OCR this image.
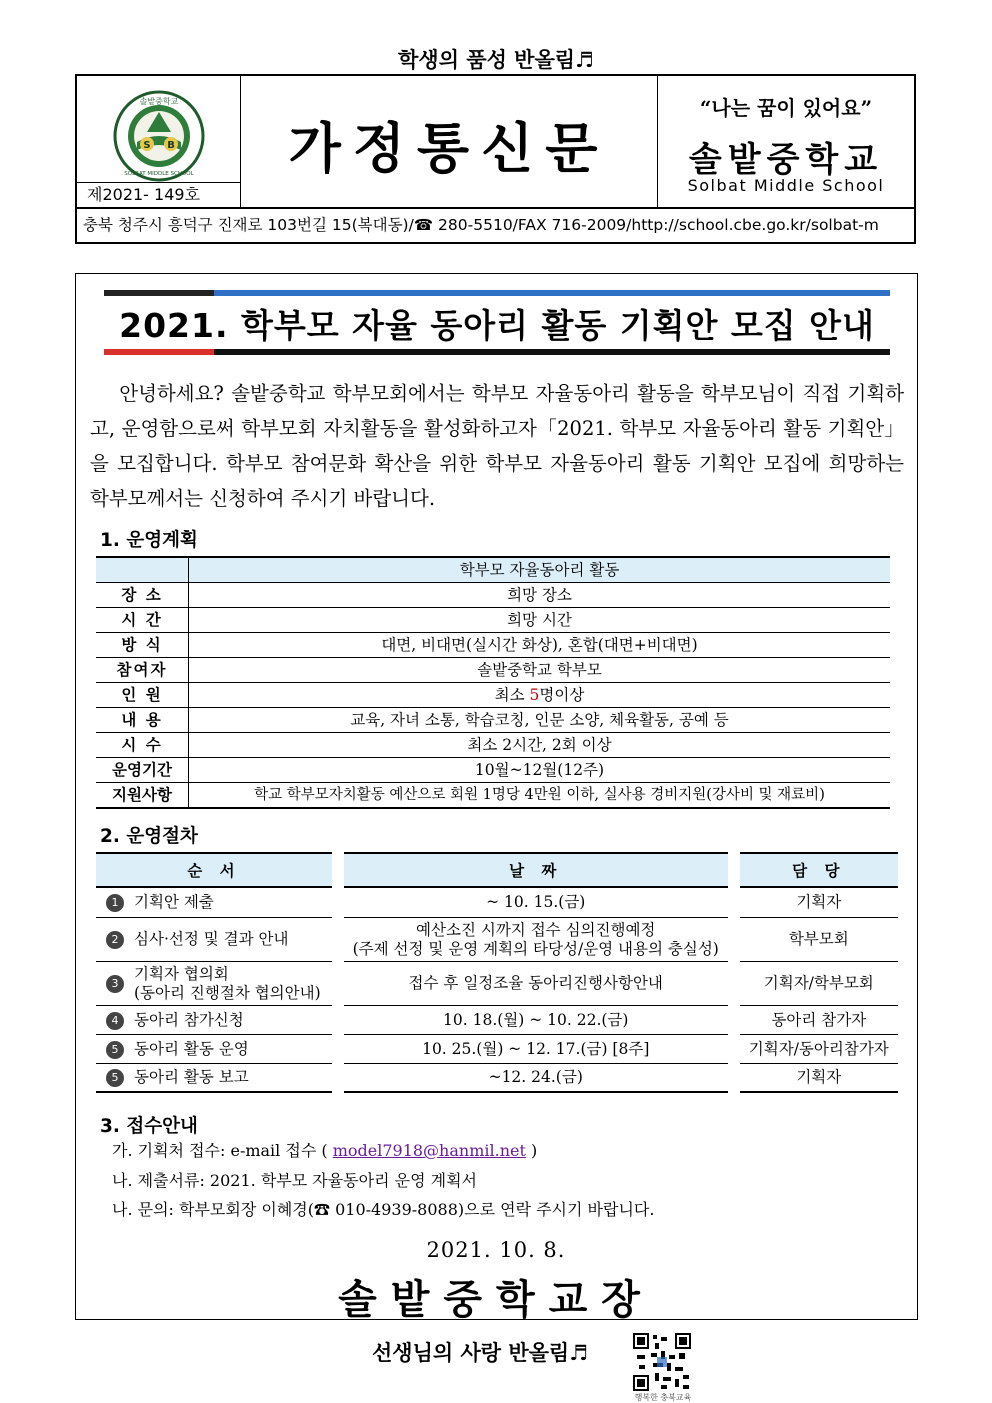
학생의 품성 반올림♬
S B
솔밭중학교
SOLBAT MIDDLE SCHOOL	가정통신문
“나는 꿈이 있어요”
솔밭중학교
Solbat Middle School
제2021- 149호
충북 청주시 흥덕구 진재로 103번길 15(복대동)/☎ 280-5510/FAX 716-2009/http://school.cbe.go.kr/solbat-m
2021. 학부모 자율 동아리 활동 기획안 모집 안내
안녕하세요? 솔밭중학교 학부모회에서는 학부모 자율동아리 활동을 학부모님이 직접 기획하고, 운영함으로써 학부모회 자치활동을 활성화하고자「2021. 학부모 자율동아리 활동 기획안」을 모집합니다. 학부모 참여문화 확산을 위한 학부모 자율동아리 활동 기획안 모집에 희망하는 학부모께서는 신청하여 주시기 바랍니다.
1. 운영계획
	학부모 자율동아리 활동
장 소	희망 장소
시 간	희망 시간
방 식	대면, 비대면(실시간 화상), 혼합(대면+비대면)
참여자	솔밭중학교 학부모
인 원	최소 5명이상
내 용	교육, 자녀 소통, 학습코칭, 인문 소양, 체육활동, 공예 등
시 수	최소 2시간, 2회 이상
운영기간	10월~12월(12주)
지원사항	학교 학부모자치활동 예산으로 회원 1명당 4만원 이하, 실사용 경비지원(강사비 및 재료비)
2. 운영절차
순 서		날 짜		담 당
1 기획안 제출		~ 10. 15.(금)		기획자
2 심사·선정 및 결과 안내		예산소진 시까지 접수 심의진행예정
(주제 선정 및 운영 계획의 타당성/운영 내용의 충실성)		학부모회

3
기획자 협의회
(동아리 진행절차 협의안내)		접수 후 일정조율 동아리진행사항안내		기획자/학부모회
4 동아리 참가신청		10. 18.(월) ~ 10. 22.(금)		동아리 참가자
5 동아리 활동 운영		10. 25.(월) ~ 12. 17.(금) [8주]		기획자/동아리참가자
5 동아리 활동 보고		~12. 24.(금)		기획자
3. 접수안내
가. 기획처 접수: e-mail 접수 ( model7918@hanmil.net )
나. 제출서류: 2021. 학부모 자율동아리 운영 계획서
나. 문의: 학부모회장 이혜경(☎ 010-4939-8088)으로 연락 주시기 바랍니다.
2021. 10. 8.
솔밭중학교장
선생님의 사랑 반올림♬
행복한 충북교육
